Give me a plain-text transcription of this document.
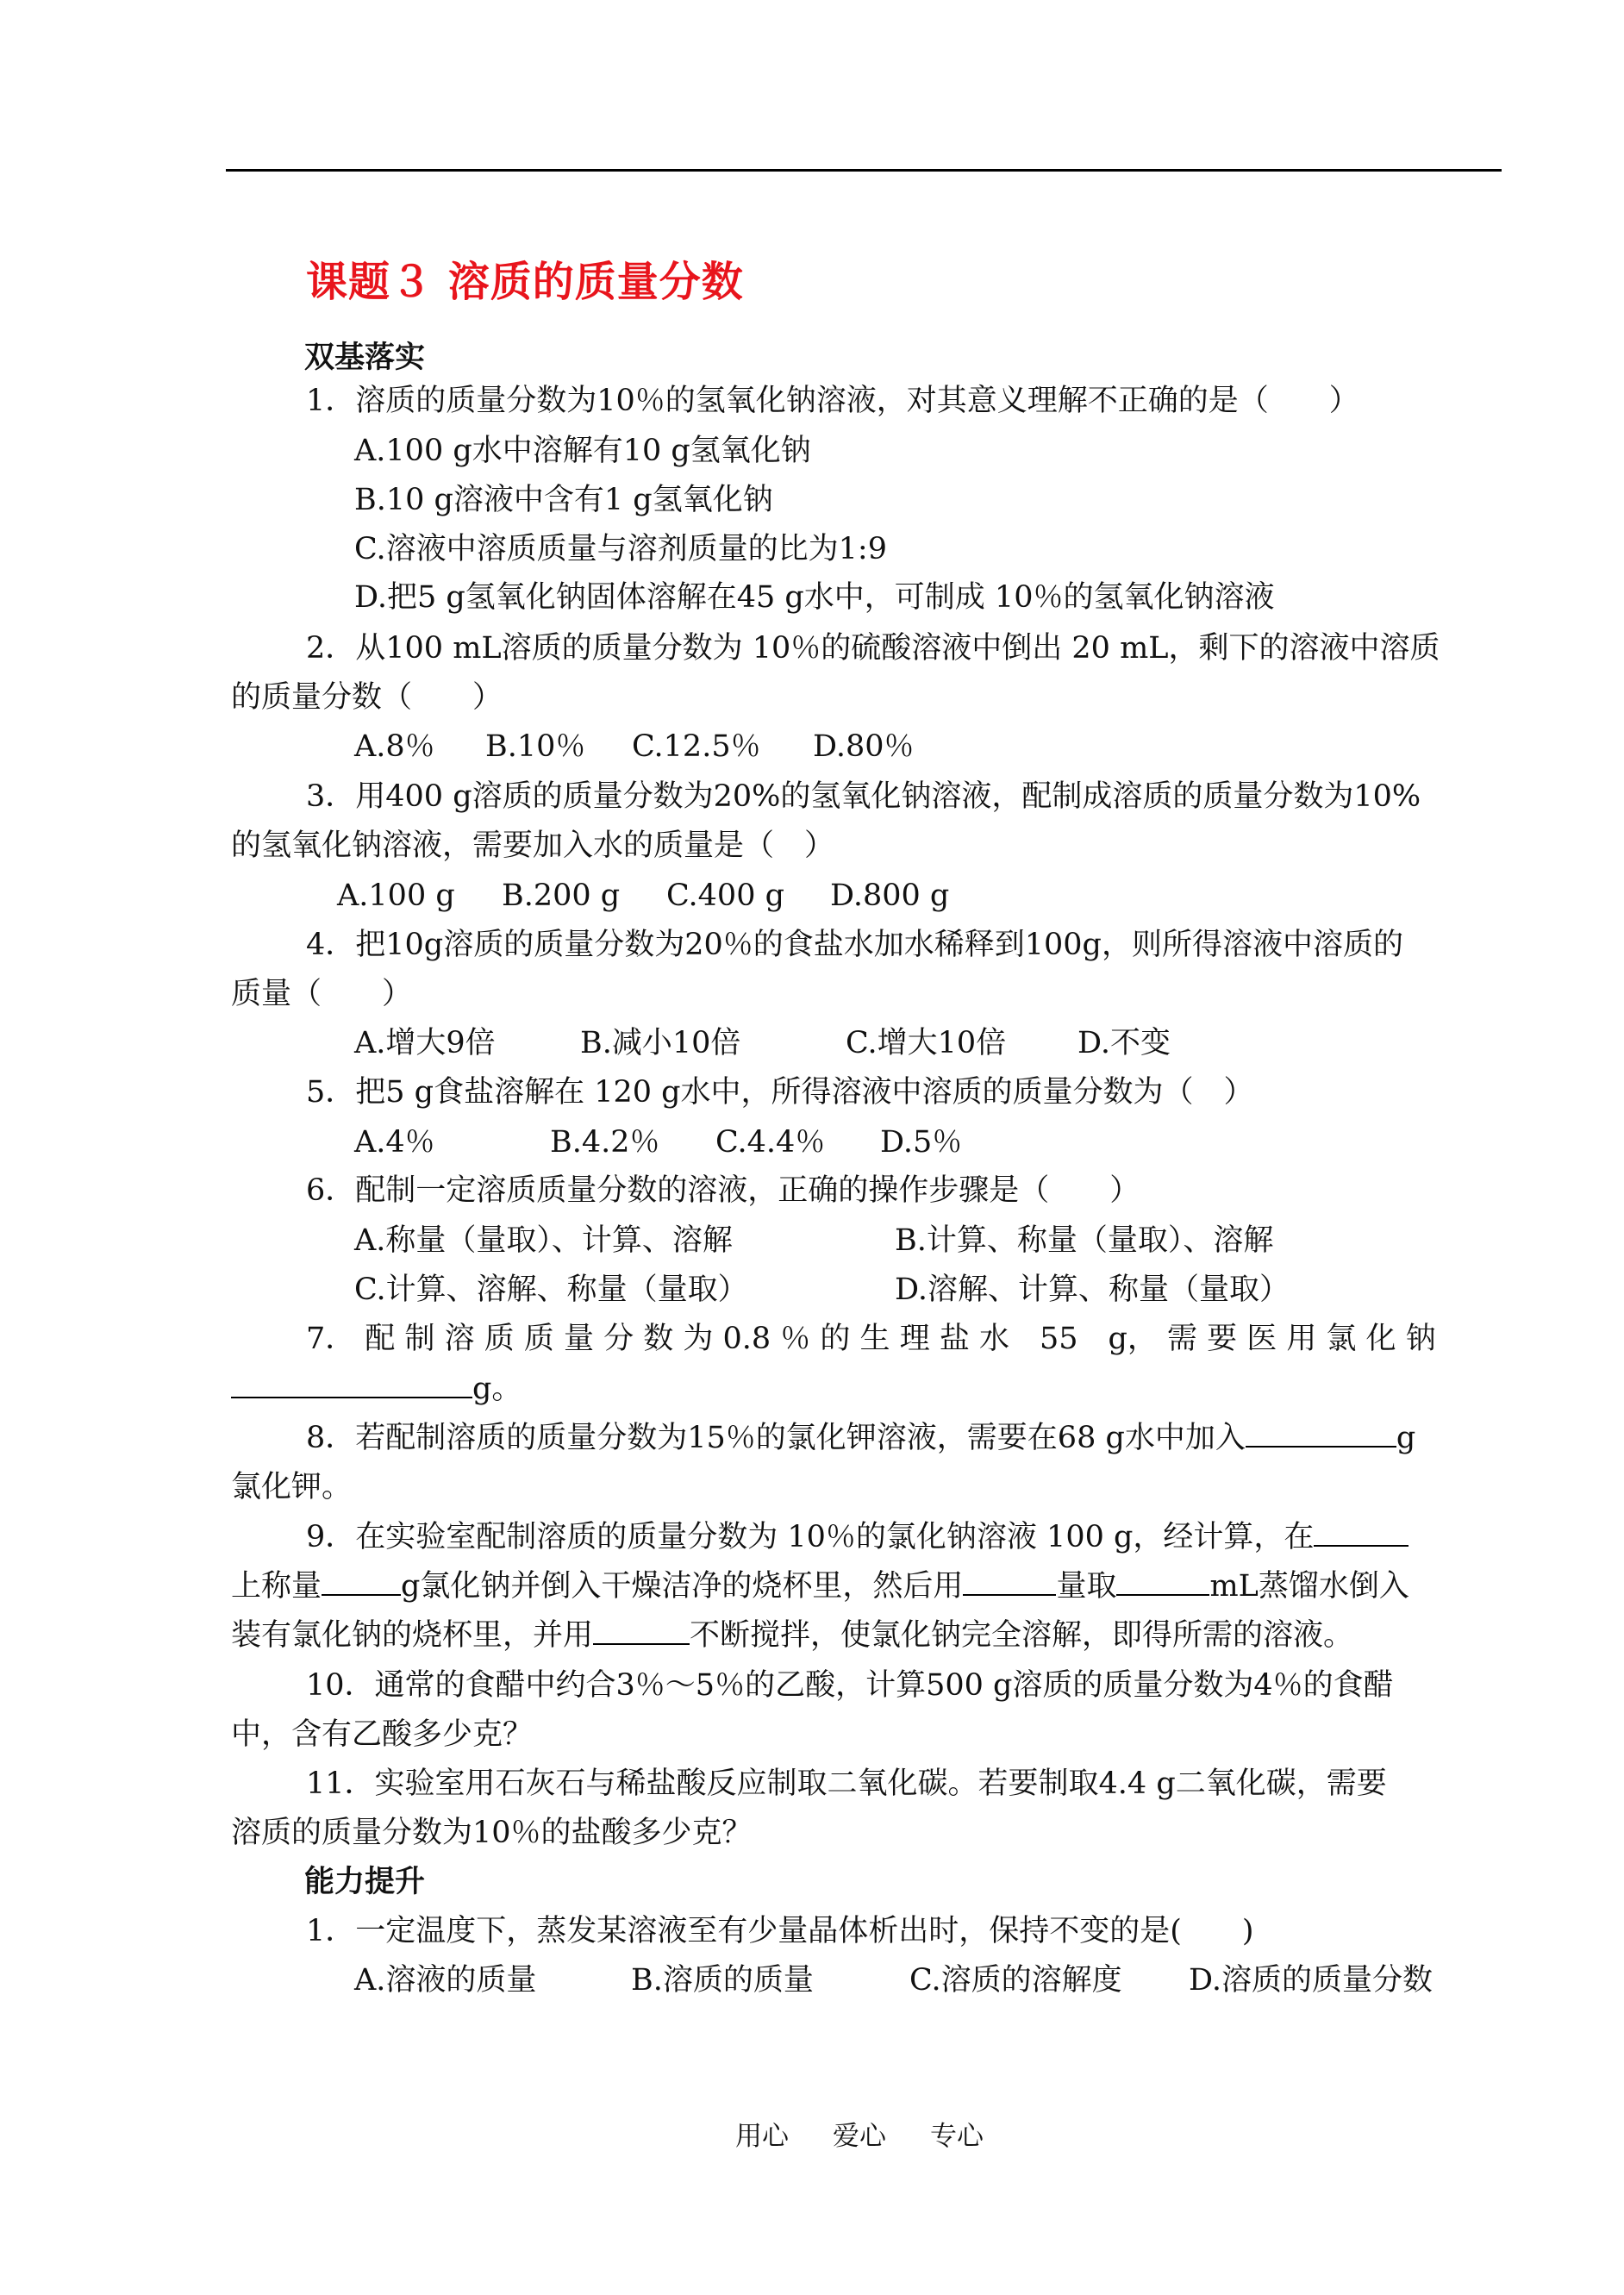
课题３ 溶质的质量分数
双基落实
1．溶质的质量分数为10％的氢氧化钠溶液，对其意义理解不正确的是（　　）
A.100 g水中溶解有10 g氢氧化钠
B.10 g溶液中含有1 g氢氧化钠
C.溶液中溶质质量与溶剂质量的比为1:9
D.把5 g氢氧化钠固体溶解在45 g水中，可制成 10％的氢氧化钠溶液
2．从100 mL溶质的质量分数为 10％的硫酸溶液中倒出 20 mL，剩下的溶液中溶质
的质量分数（　　）
A.8％ B.10％ C.12.5％ D.80％
3．用400 g溶质的质量分数为20%的氢氧化钠溶液，配制成溶质的质量分数为10%
的氢氧化钠溶液，需要加入水的质量是（　）
A.100 g B.200 g C.400 g D.800 g
4．把10g溶质的质量分数为20％的食盐水加水稀释到100g，则所得溶液中溶质的
质量（　　）
A.增大9倍	B.减小10倍	C.增大10倍 D.不变
5．把5 g食盐溶解在 120 g水中，所得溶液中溶质的质量分数为（　）
A.4％	B.4.2％ C.4.4％ D.5％
6．配制一定溶质质量分数的溶液，正确的操作步骤是（　　）
A.称量（量取）、计算、溶解	B.计算、称量（量取）、溶解
C.计算、溶解、称量（量取）	D.溶解、计算、称量（量取）
7． 配 制 溶 质 质 量 分 数 为 0.8 ％ 的 生 理 盐 水　55　g， 需 要 医 用 氯 化 钠
g。
8．若配制溶质的质量分数为15％的氯化钾溶液，需要在68 g水中加入	g
氯化钾。
9．在实验室配制溶质的质量分数为 10％的氯化钠溶液 100 g，经计算，在
上称量	g氯化钠并倒入干燥洁净的烧杯里，然后用	量取	mL蒸馏水倒入
装有氯化钠的烧杯里，并用	不断搅拌，使氯化钠完全溶解，即得所需的溶液。
10．通常的食醋中约合3％～5％的乙酸，计算500 g溶质的质量分数为4％的食醋
中，含有乙酸多少克？
11．实验室用石灰石与稀盐酸反应制取二氧化碳。若要制取4.4 g二氧化碳，需要
溶质的质量分数为10％的盐酸多少克？
能力提升
1．一定温度下，蒸发某溶液至有少量晶体析出时，保持不变的是(　　)
A.溶液的质量	B.溶质的质量	C.溶质的溶解度 D.溶质的质量分数
用心 爱心 专心
